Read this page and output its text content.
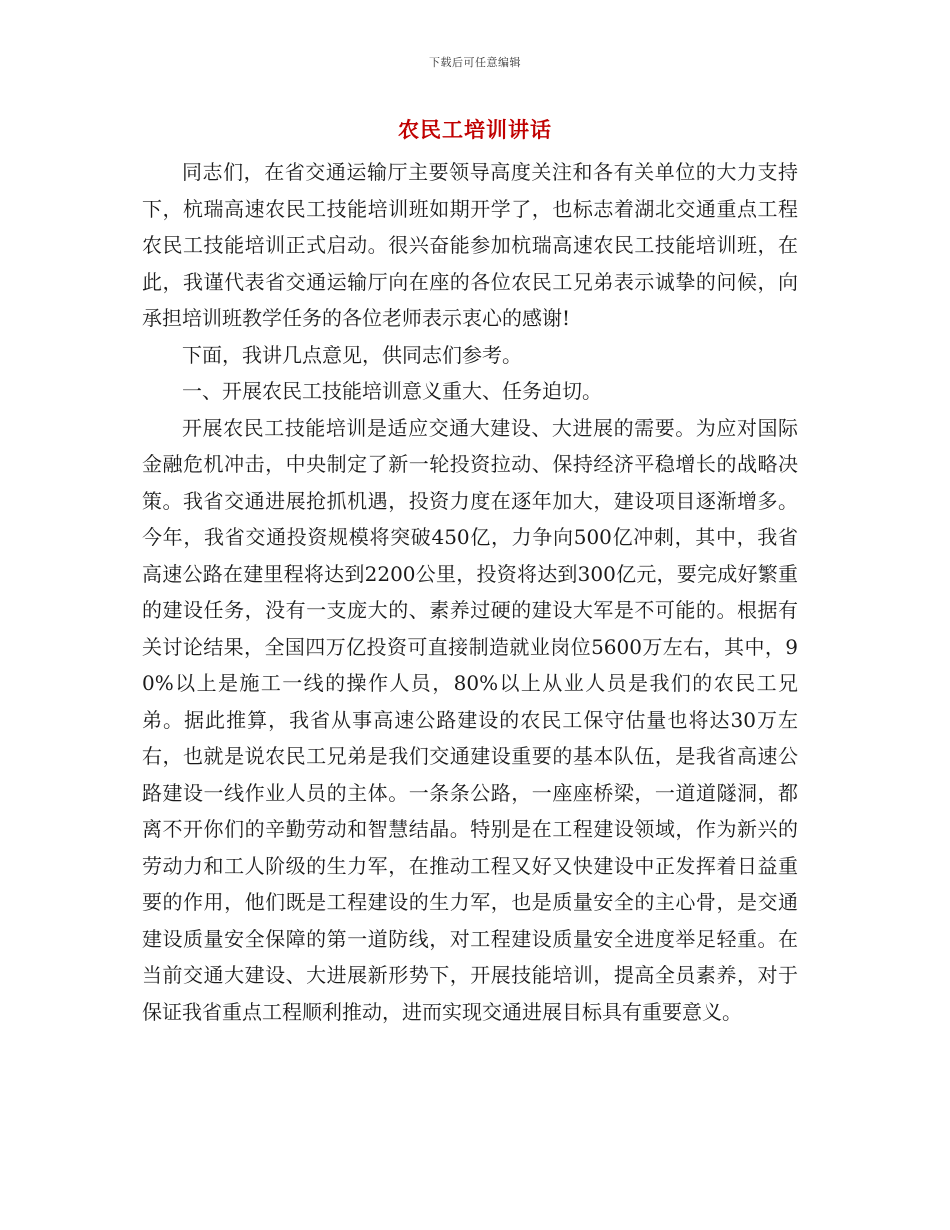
下载后可任意编辑
农民工培训讲话

同志们，在省交通运输厅主要领导高度关注和各有关单位的大力支持下，杭瑞高速农民工技能培训班如期开学了，也标志着湖北交通重点工程农民工技能培训正式启动。很兴奋能参加杭瑞高速农民工技能培训班，在此，我谨代表省交通运输厅向在座的各位农民工兄弟表示诚挚的问候，向承担培训班教学任务的各位老师表示衷心的感谢!

下面，我讲几点意见，供同志们参考。

一、开展农民工技能培训意义重大、任务迫切。

开展农民工技能培训是适应交通大建设、大进展的需要。为应对国际金融危机冲击，中央制定了新一轮投资拉动、保持经济平稳增长的战略决策。我省交通进展抢抓机遇，投资力度在逐年加大，建设项目逐渐增多。今年，我省交通投资规模将突破450亿，力争向500亿冲刺，其中，我省高速公路在建里程将达到2200公里，投资将达到300亿元，要完成好繁重的建设任务，没有一支庞大的、素养过硬的建设大军是不可能的。根据有关讨论结果，全国四万亿投资可直接制造就业岗位5600万左右，其中，90%以上是施工一线的操作人员，80%以上从业人员是我们的农民工兄弟。据此推算，我省从事高速公路建设的农民工保守估量也将达30万左右，也就是说农民工兄弟是我们交通建设重要的基本队伍，是我省高速公路建设一线作业人员的主体。一条条公路，一座座桥梁，一道道隧洞，都离不开你们的辛勤劳动和智慧结晶。特别是在工程建设领域，作为新兴的劳动力和工人阶级的生力军，在推动工程又好又快建设中正发挥着日益重要的作用，他们既是工程建设的生力军，也是质量安全的主心骨，是交通建设质量安全保障的第一道防线，对工程建设质量安全进度举足轻重。在当前交通大建设、大进展新形势下，开展技能培训，提高全员素养，对于保证我省重点工程顺利推动，进而实现交通进展目标具有重要意义。
